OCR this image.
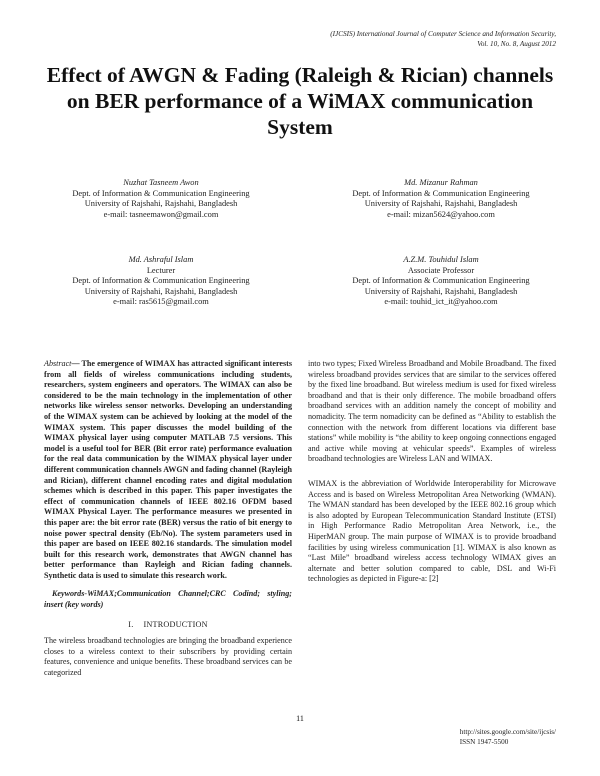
(IJCSIS) International Journal of Computer Science and Information Security,
Vol. 10, No. 8, August 2012
Effect of AWGN & Fading (Raleigh & Rician) channels on BER performance of a WiMAX communication System
Nuzhat Tasneem Awon
Dept. of Information & Communication Engineering
University of Rajshahi, Rajshahi, Bangladesh
e-mail: tasneemawon@gmail.com
Md. Mizanur Rahman
Dept. of Information & Communication Engineering
University of Rajshahi, Rajshahi, Bangladesh
e-mail: mizan5624@yahoo.com
Md. Ashraful Islam
Lecturer
Dept. of Information & Communication Engineering
University of Rajshahi, Rajshahi, Bangladesh
e-mail: ras5615@gmail.com
A.Z.M. Touhidul Islam
Associate Professor
Dept. of Information & Communication Engineering
University of Rajshahi, Rajshahi, Bangladesh
e-mail: touhid_ict_it@yahoo.com

Abstract— The emergence of WIMAX has attracted significant interests from all fields of wireless communications including students, researchers, system engineers and operators. The WIMAX can also be considered to be the main technology in the implementation of other networks like wireless sensor networks. Developing an understanding of the WIMAX system can be achieved by looking at the model of the WIMAX system. This paper discusses the model building of the WIMAX physical layer using computer MATLAB 7.5 versions. This model is a useful tool for BER (Bit error rate) performance evaluation for the real data communication by the WIMAX physical layer under different communication channels AWGN and fading channel (Rayleigh and Rician), different channel encoding rates and digital modulation schemes which is described in this paper. This paper investigates the effect of communication channels of IEEE 802.16 OFDM based WIMAX Physical Layer. The performance measures we presented in this paper are: the bit error rate (BER) versus the ratio of bit energy to noise power spectral density (Eb/No). The system parameters used in this paper are based on IEEE 802.16 standards. The simulation model built for this research work, demonstrates that AWGN channel has better performance than Rayleigh and Rician fading channels. Synthetic data is used to simulate this research work.

Keywords-WiMAX;Communication Channel;CRC Codind; styling; insert (key words)

I. INTRODUCTION

The wireless broadband technologies are bringing the broadband experience closes to a wireless context to their subscribers by providing certain features, convenience and unique benefits. These broadband services can be categorized

into two types; Fixed Wireless Broadband and Mobile Broadband. The fixed wireless broadband provides services that are similar to the services offered by the fixed line broadband. But wireless medium is used for fixed wireless broadband and that is their only difference. The mobile broadband offers broadband services with an addition namely the concept of mobility and nomadicity. The term nomadicity can be defined as “Ability to establish the connection with the network from different locations via different base stations” while mobility is “the ability to keep ongoing connections engaged and active while moving at vehicular speeds”. Examples of wireless broadband technologies are Wireless LAN and WIMAX.

WIMAX is the abbreviation of Worldwide Interoperability for Microwave Access and is based on Wireless Metropolitan Area Networking (WMAN). The WMAN standard has been developed by the IEEE 802.16 group which is also adopted by European Telecommunication Standard Institute (ETSI) in High Performance Radio Metropolitan Area Network, i.e., the HiperMAN group. The main purpose of WIMAX is to provide broadband facilities by using wireless communication [1]. WIMAX is also known as “Last Mile” broadband wireless access technology WIMAX gives an alternate and better solution compared to cable, DSL and Wi-Fi technologies as depicted in Figure-a: [2]

11
http://sites.google.com/site/ijcsis/
ISSN 1947-5500
